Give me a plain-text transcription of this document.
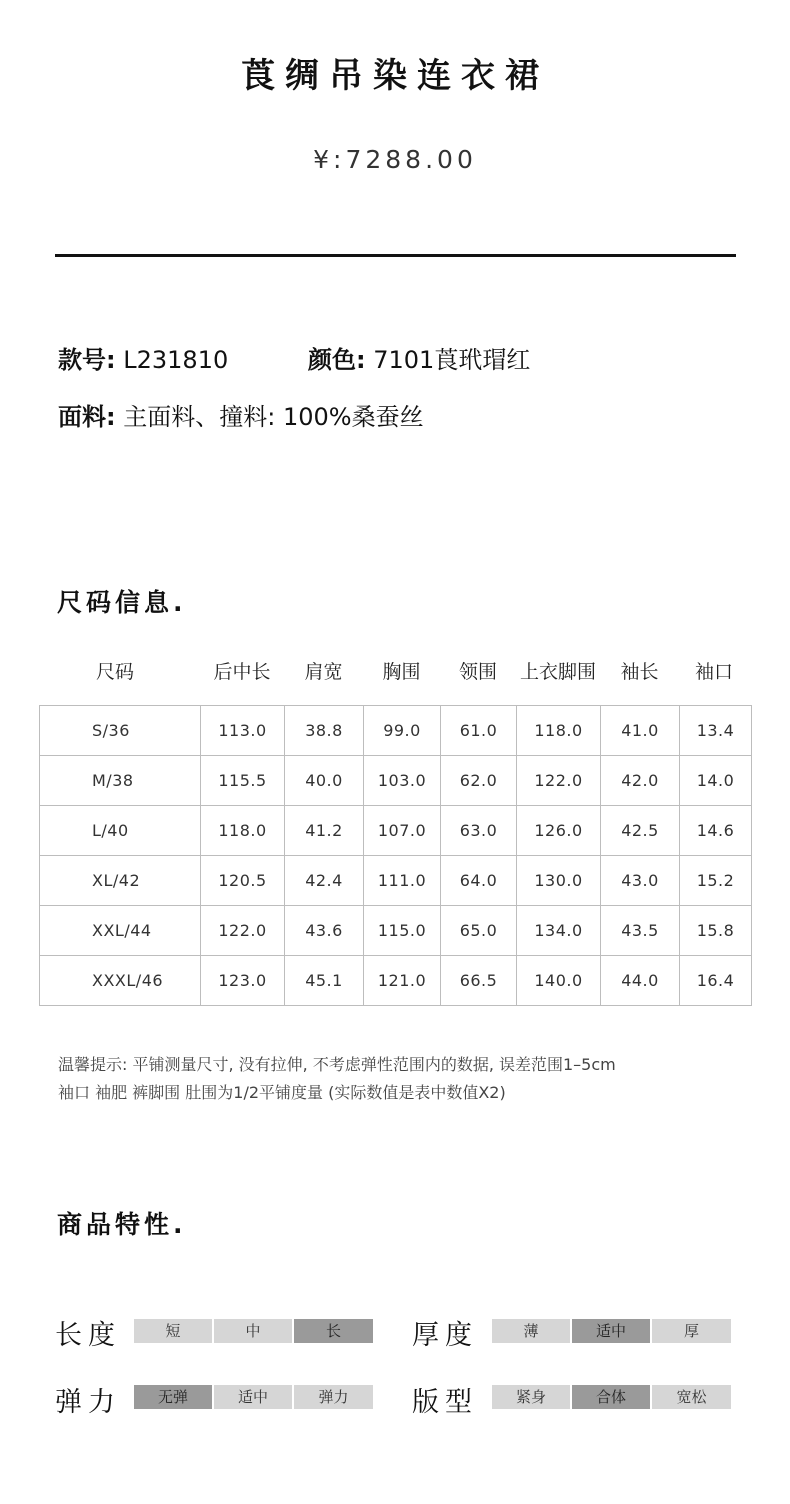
莨绸吊染连衣裙
¥:7288.00
款号: L231810	颜色: 7101莨玳瑁红
面料: 主面料、撞料: 100%桑蚕丝
尺码信息.
尺码	后中长	肩宽	胸围	领围	上衣脚围	袖长	袖口
S/36	113.0	38.8	99.0	61.0	118.0	41.0	13.4
M/38	115.5	40.0	103.0	62.0	122.0	42.0	14.0
L/40	118.0	41.2	107.0	63.0	126.0	42.5	14.6
XL/42	120.5	42.4	111.0	64.0	130.0	43.0	15.2
XXL/44	122.0	43.6	115.0	65.0	134.0	43.5	15.8
XXXL/46	123.0	45.1	121.0	66.5	140.0	44.0	16.4
温馨提示: 平铺测量尺寸, 没有拉伸, 不考虑弹性范围内的数据, 误差范围1–5cm
袖口 袖肥 裤脚围 肚围为1/2平铺度量 (实际数值是表中数值X2)
商品特性.
长度	短	中	长	厚度	薄	适中	厚
弹力	无弹	适中	弹力	版型	紧身	合体	宽松
